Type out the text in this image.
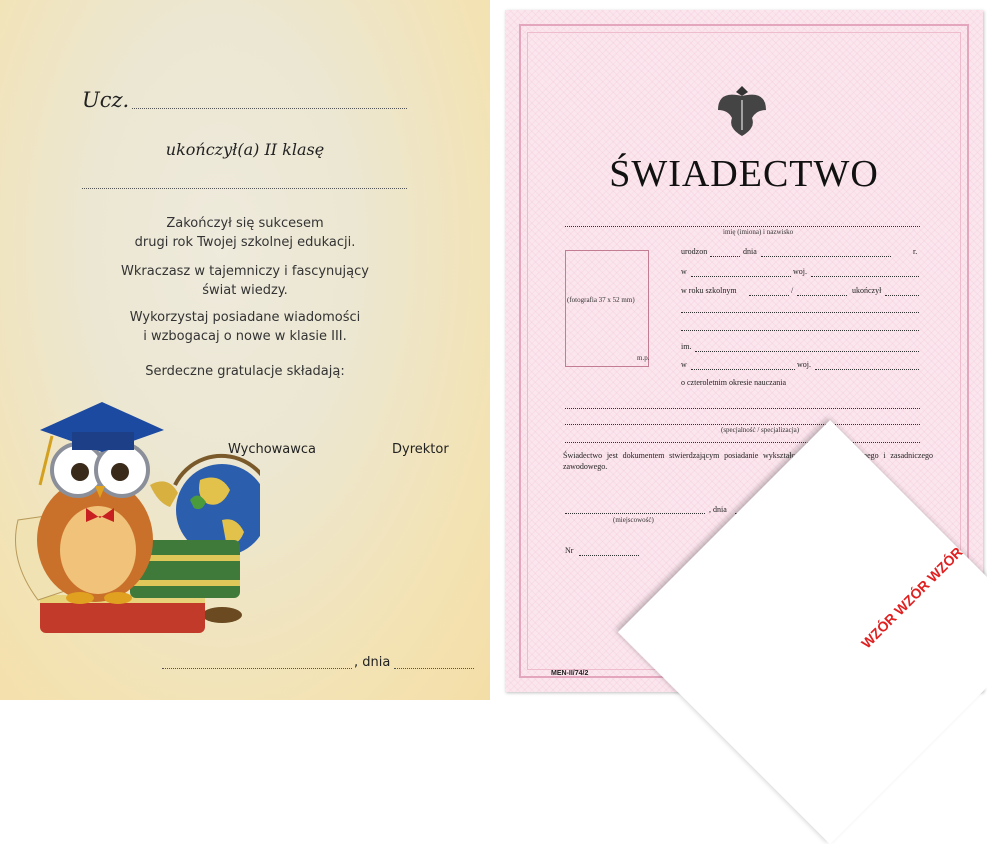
Ucz.
ukończył(a) II klasę
Zakończył się sukcesem
drugi rok Twojej szkolnej edukacji.
Wkraczasz w tajemniczy i fascynujący
świat wiedzy.
Wykorzystaj posiadane wiadomości
i wzbogacaj o nowe w klasie III.
Serdeczne gratulacje składają:
Wychowawca	Dyrektor
, dnia
ŚWIADECTWO
imię (imiona) i nazwisko
(fotografia 37 x 52 mm)
urodzon	dnia	r.
w	woj.
w roku szkolnym	/	ukończył
m.p.
im.
w	woj.
o czteroletnim okresie nauczania
(specjalność / specjalizacja)
Świadectwo jest dokumentem stwierdzającym posiadanie wykształcenia średniego ogólnego i zasadniczego zawodowego.
, dnia
(miejscowość)
Nr
MEN-II/74/2
WZÓR WZÓR WZÓR
